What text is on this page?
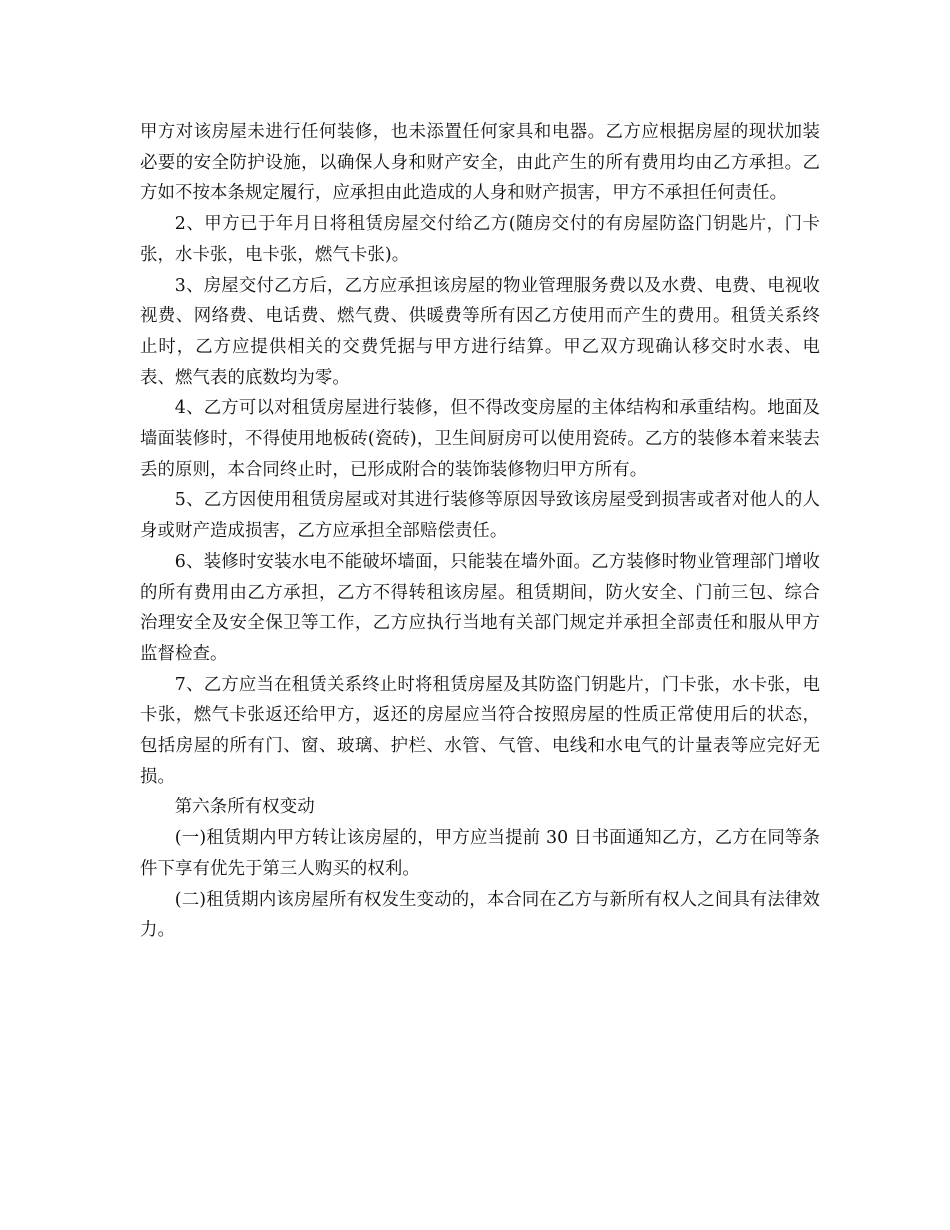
甲方对该房屋未进行任何装修，也未添置任何家具和电器。乙方应根据房屋的现状加装必要的安全防护设施，以确保人身和财产安全，由此产生的所有费用均由乙方承担。乙方如不按本条规定履行，应承担由此造成的人身和财产损害，甲方不承担任何责任。

2、甲方已于年月日将租赁房屋交付给乙方(随房交付的有房屋防盗门钥匙片，门卡张，水卡张，电卡张，燃气卡张)。

3、房屋交付乙方后，乙方应承担该房屋的物业管理服务费以及水费、电费、电视收视费、网络费、电话费、燃气费、供暖费等所有因乙方使用而产生的费用。租赁关系终止时，乙方应提供相关的交费凭据与甲方进行结算。甲乙双方现确认移交时水表、电表、燃气表的底数均为零。

4、乙方可以对租赁房屋进行装修，但不得改变房屋的主体结构和承重结构。地面及墙面装修时，不得使用地板砖(瓷砖)，卫生间厨房可以使用瓷砖。乙方的装修本着来装去丢的原则，本合同终止时，已形成附合的装饰装修物归甲方所有。

5、乙方因使用租赁房屋或对其进行装修等原因导致该房屋受到损害或者对他人的人身或财产造成损害，乙方应承担全部赔偿责任。

6、装修时安装水电不能破坏墙面，只能装在墙外面。乙方装修时物业管理部门增收的所有费用由乙方承担，乙方不得转租该房屋。租赁期间，防火安全、门前三包、综合治理安全及安全保卫等工作，乙方应执行当地有关部门规定并承担全部责任和服从甲方监督检查。

7、乙方应当在租赁关系终止时将租赁房屋及其防盗门钥匙片，门卡张，水卡张，电卡张，燃气卡张返还给甲方，返还的房屋应当符合按照房屋的性质正常使用后的状态，包括房屋的所有门、窗、玻璃、护栏、水管、气管、电线和水电气的计量表等应完好无损。

第六条所有权变动

(一)租赁期内甲方转让该房屋的，甲方应当提前 30 日书面通知乙方，乙方在同等条件下享有优先于第三人购买的权利。

(二)租赁期内该房屋所有权发生变动的，本合同在乙方与新所有权人之间具有法律效力。
